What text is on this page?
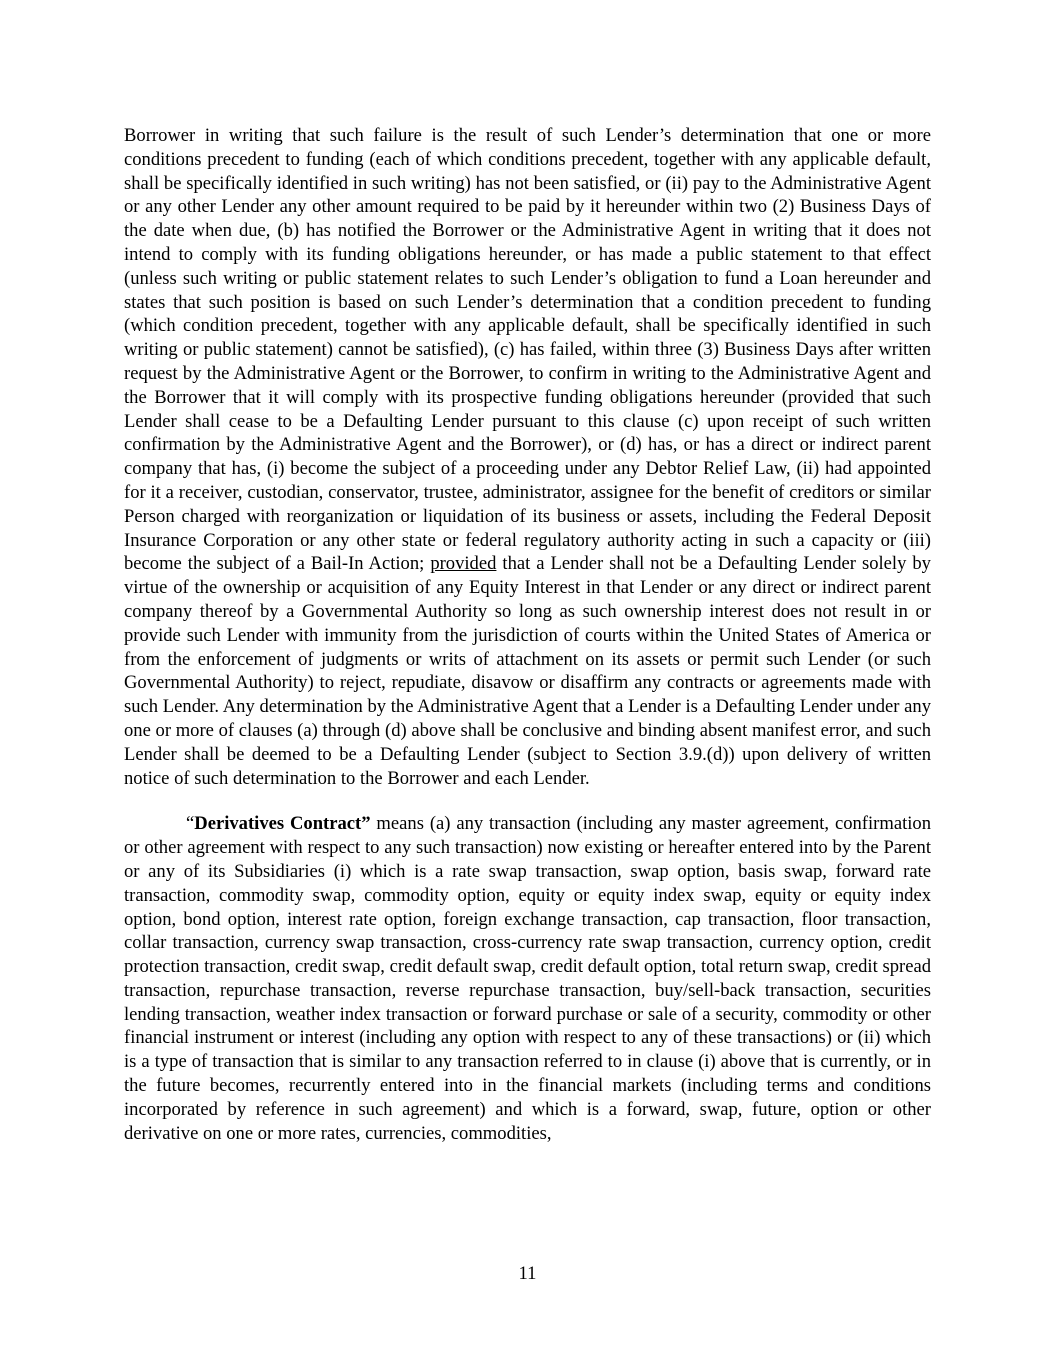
Borrower in writing that such failure is the result of such Lender’s determination that one or more conditions precedent to funding (each of which conditions precedent, together with any applicable default, shall be specifically identified in such writing) has not been satisfied, or (ii) pay to the Administrative Agent or any other Lender any other amount required to be paid by it hereunder within two (2) Business Days of the date when due, (b) has notified the Borrower or the Administrative Agent in writing that it does not intend to comply with its funding obligations hereunder, or has made a public statement to that effect (unless such writing or public statement relates to such Lender’s obligation to fund a Loan hereunder and states that such position is based on such Lender’s determination that a condition precedent to funding (which condition precedent, together with any applicable default, shall be specifically identified in such writing or public statement) cannot be satisfied), (c) has failed, within three (3) Business Days after written request by the Administrative Agent or the Borrower, to confirm in writing to the Administrative Agent and the Borrower that it will comply with its prospective funding obligations hereunder (provided that such Lender shall cease to be a Defaulting Lender pursuant to this clause (c) upon receipt of such written confirmation by the Administrative Agent and the Borrower), or (d) has, or has a direct or indirect parent company that has, (i) become the subject of a proceeding under any Debtor Relief Law, (ii) had appointed for it a receiver, custodian, conservator, trustee, administrator, assignee for the benefit of creditors or similar Person charged with reorganization or liquidation of its business or assets, including the Federal Deposit Insurance Corporation or any other state or federal regulatory authority acting in such a capacity or (iii) become the subject of a Bail-In Action; provided that a Lender shall not be a Defaulting Lender solely by virtue of the ownership or acquisition of any Equity Interest in that Lender or any direct or indirect parent company thereof by a Governmental Authority so long as such ownership interest does not result in or provide such Lender with immunity from the jurisdiction of courts within the United States of America or from the enforcement of judgments or writs of attachment on its assets or permit such Lender (or such Governmental Authority) to reject, repudiate, disavow or disaffirm any contracts or agreements made with such Lender. Any determination by the Administrative Agent that a Lender is a Defaulting Lender under any one or more of clauses (a) through (d) above shall be conclusive and binding absent manifest error, and such Lender shall be deemed to be a Defaulting Lender (subject to Section 3.9.(d)) upon delivery of written notice of such determination to the Borrower and each Lender.

“Derivatives Contract” means (a) any transaction (including any master agreement, confirmation or other agreement with respect to any such transaction) now existing or hereafter entered into by the Parent or any of its Subsidiaries (i) which is a rate swap transaction, swap option, basis swap, forward rate transaction, commodity swap, commodity option, equity or equity index swap, equity or equity index option, bond option, interest rate option, foreign exchange transaction, cap transaction, floor transaction, collar transaction, currency swap transaction, cross-currency rate swap transaction, currency option, credit protection transaction, credit swap, credit default swap, credit default option, total return swap, credit spread transaction, repurchase transaction, reverse repurchase transaction, buy/sell-back transaction, securities lending transaction, weather index transaction or forward purchase or sale of a security, commodity or other financial instrument or interest (including any option with respect to any of these transactions) or (ii) which is a type of transaction that is similar to any transaction referred to in clause (i) above that is currently, or in the future becomes, recurrently entered into in the financial markets (including terms and conditions incorporated by reference in such agreement) and which is a forward, swap, future, option or other derivative on one or more rates, currencies, commodities,

11
